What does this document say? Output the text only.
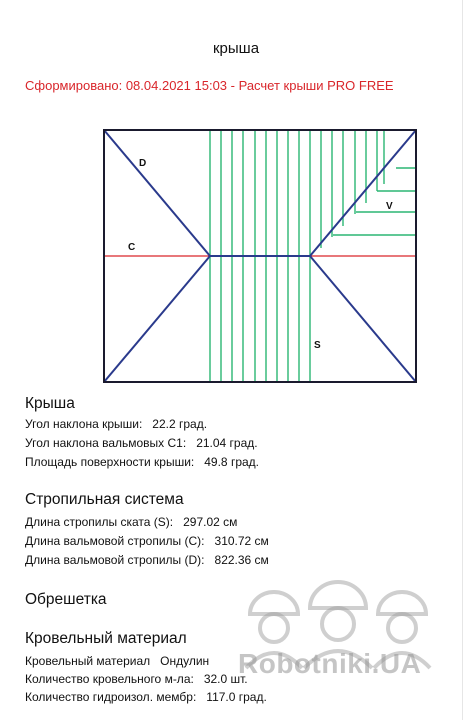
крыша
Сформировано: 08.04.2021 15:03 - Расчет крыши PRO FREE
D
C
V
S
Крыша
Угол наклона крыши: 22.2 град.
Угол наклона вальмовых С1: 21.04 град.
Площадь поверхности крыши: 49.8 град.
Стропильная система
Длина стропилы ската (S): 297.02 см
Длина вальмовой стропилы (C): 310.72 см
Длина вальмовой стропилы (D): 822.36 см
Обрешетка
Кровельный материал
Кровельный материал Ондулин
Количество кровельного м-ла: 32.0 шт.
Количество гидроизол. мембр: 117.0 град.
Robotniki.UA
